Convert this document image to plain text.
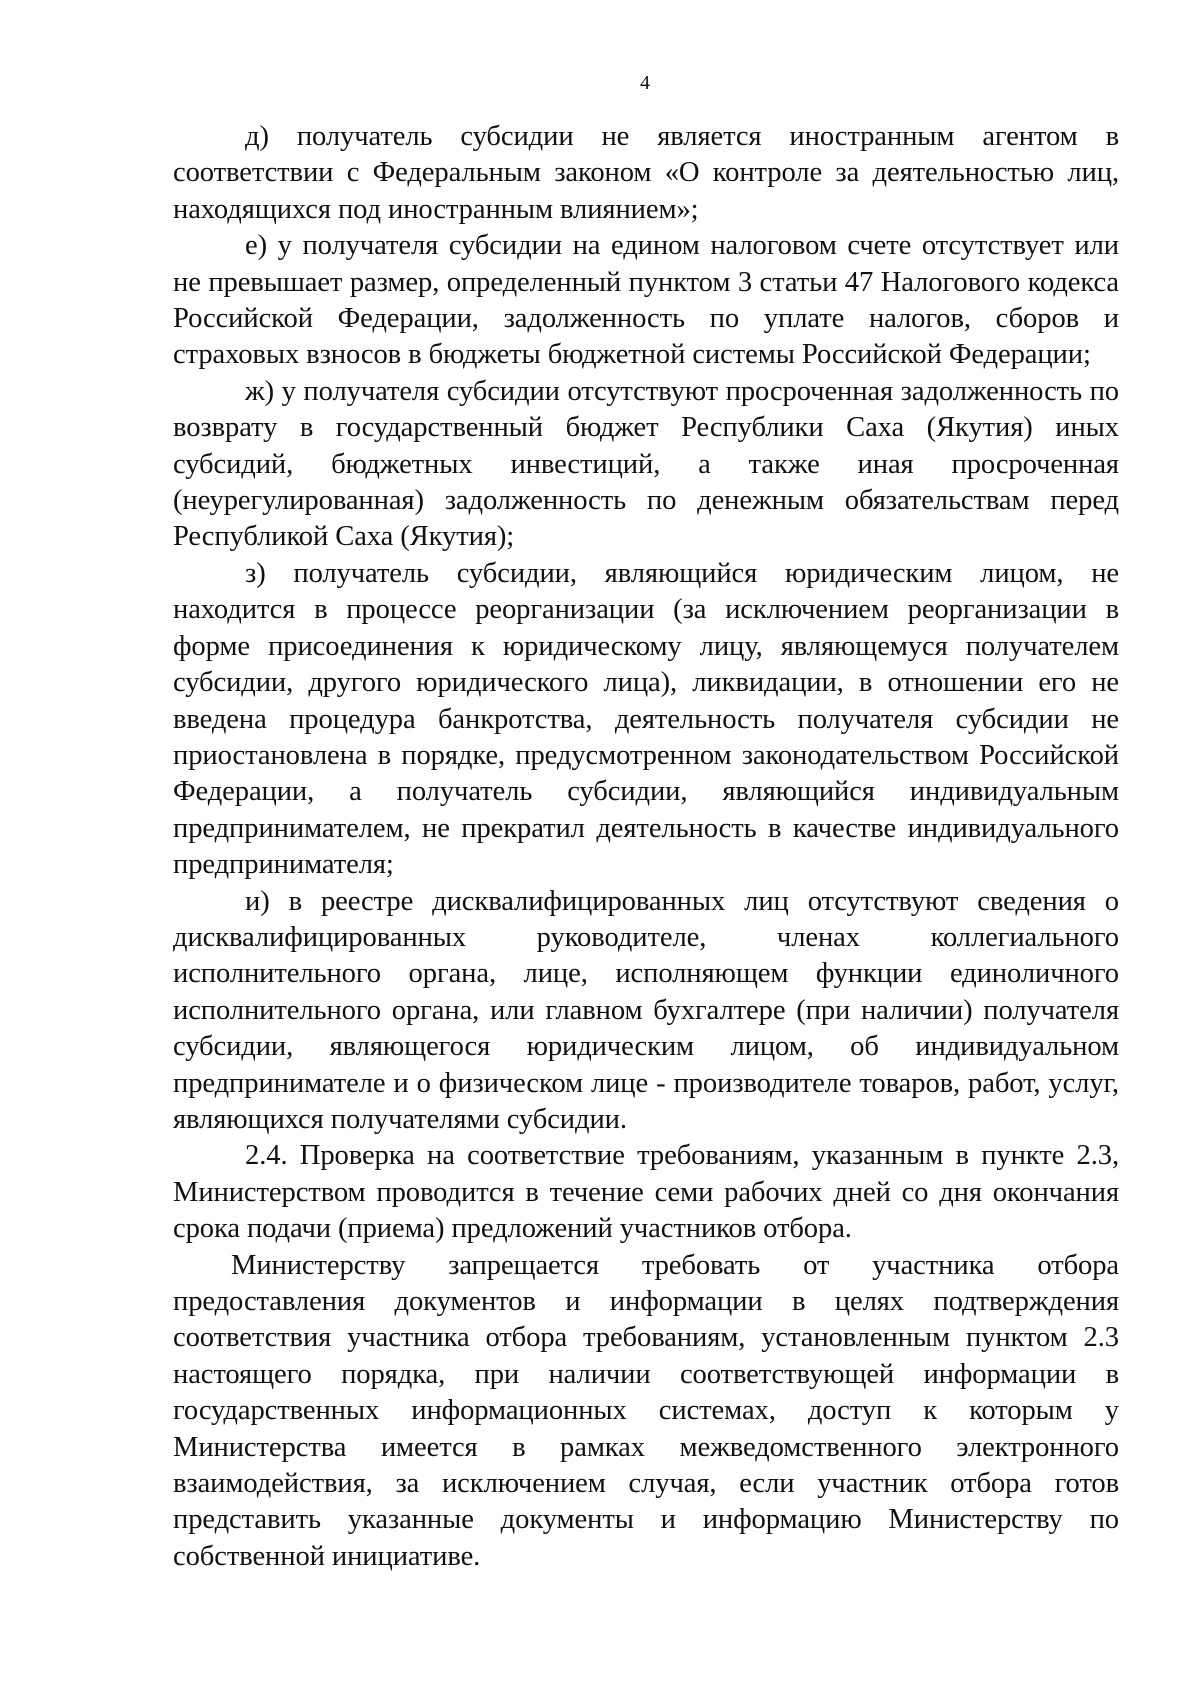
4

д) получатель субсидии не является иностранным агентом в соответствии с Федеральным законом «О контроле за деятельностью лиц, находящихся под иностранным влиянием»;

е) у получателя субсидии на едином налоговом счете отсутствует или не превышает размер, определенный пунктом 3 статьи 47 Налогового кодекса Российской Федерации, задолженность по уплате налогов, сборов и страховых взносов в бюджеты бюджетной системы Российской Федерации;

ж) у получателя субсидии отсутствуют просроченная задолженность по возврату в государственный бюджет Республики Саха (Якутия) иных субсидий, бюджетных инвестиций, а также иная просроченная (неурегулированная) задолженность по денежным обязательствам перед Республикой Саха (Якутия);

з) получатель субсидии, являющийся юридическим лицом, не находится в процессе реорганизации (за исключением реорганизации в форме присоединения к юридическому лицу, являющемуся получателем субсидии, другого юридического лица), ликвидации, в отношении его не введена процедура банкротства, деятельность получателя субсидии не приостановлена в порядке, предусмотренном законодательством Российской Федерации, а получатель субсидии, являющийся индивидуальным предпринимателем, не прекратил деятельность в качестве индивидуального предпринимателя;

и) в реестре дисквалифицированных лиц отсутствуют сведения о дисквалифицированных руководителе, членах коллегиального исполнительного органа, лице, исполняющем функции единоличного исполнительного органа, или главном бухгалтере (при наличии) получателя субсидии, являющегося юридическим лицом, об индивидуальном предпринимателе и о физическом лице - производителе товаров, работ, услуг, являющихся получателями субсидии.

2.4. Проверка на соответствие требованиям, указанным в пункте 2.3, Министерством проводится в течение семи рабочих дней со дня окончания срока подачи (приема) предложений участников отбора.

Министерству запрещается требовать от участника отбора предоставления документов и информации в целях подтверждения соответствия участника отбора требованиям, установленным пунктом 2.3 настоящего порядка, при наличии соответствующей информации в государственных информационных системах, доступ к которым у Министерства имеется в рамках межведомственного электронного взаимодействия, за исключением случая, если участник отбора готов представить указанные документы и информацию Министерству по собственной инициативе.
